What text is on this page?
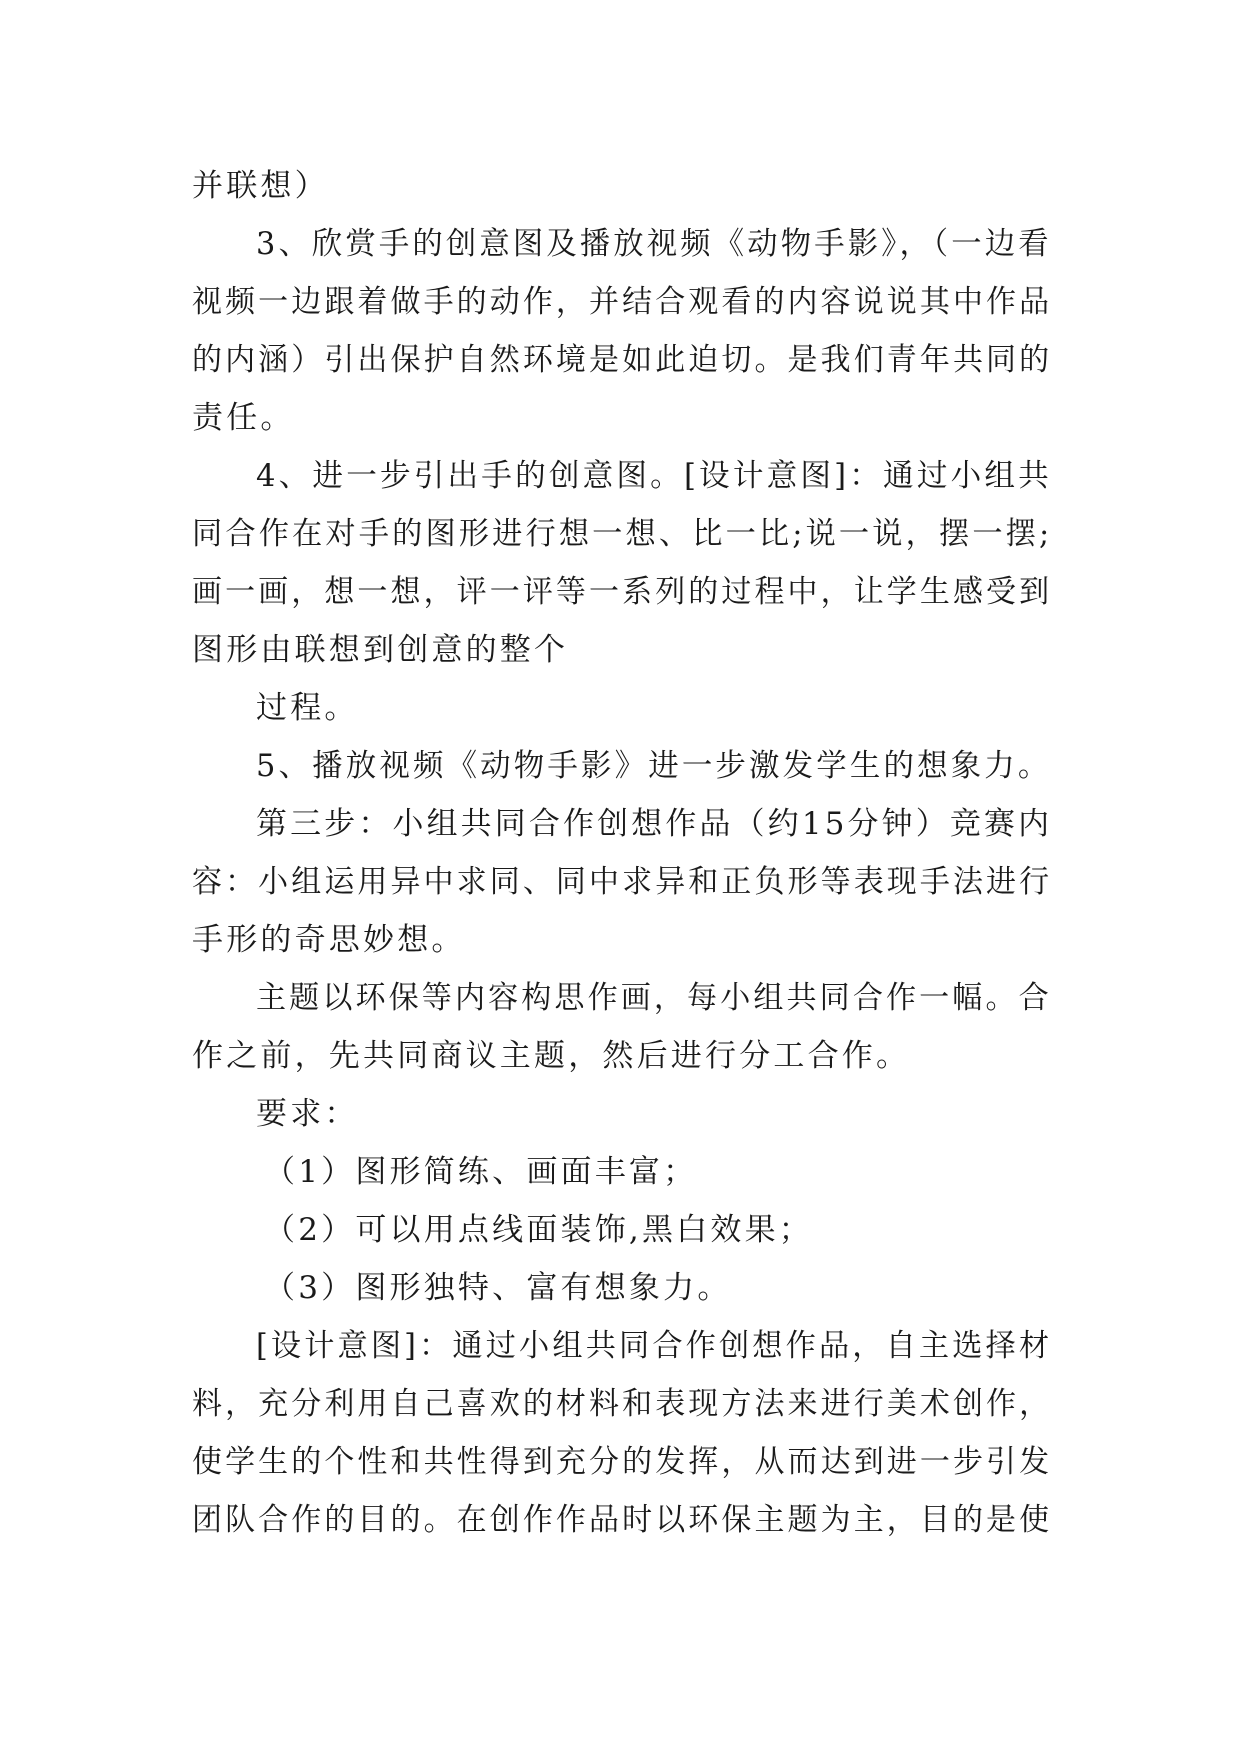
并联想）
3、欣赏手的创意图及播放视频《动物手影》，（一边看
视频一边跟着做手的动作，并结合观看的内容说说其中作品
的内涵）引出保护自然环境是如此迫切。是我们青年共同的
责任。
4、进一步引出手的创意图。[设计意图]：通过小组共
同合作在对手的图形进行想一想、比一比;说一说，摆一摆;
画一画，想一想，评一评等一系列的过程中，让学生感受到
图形由联想到创意的整个
过程。
5、播放视频《动物手影》进一步激发学生的想象力。
第三步：小组共同合作创想作品（约15分钟）竞赛内
容：小组运用异中求同、同中求异和正负形等表现手法进行
手形的奇思妙想。
主题以环保等内容构思作画，每小组共同合作一幅。合
作之前，先共同商议主题，然后进行分工合作。
要求：
（1）图形简练、画面丰富；
（2）可以用点线面装饰,黑白效果；
（3）图形独特、富有想象力。
[设计意图]：通过小组共同合作创想作品，自主选择材
料，充分利用自己喜欢的材料和表现方法来进行美术创作，
使学生的个性和共性得到充分的发挥，从而达到进一步引发
团队合作的目的。在创作作品时以环保主题为主，目的是使
